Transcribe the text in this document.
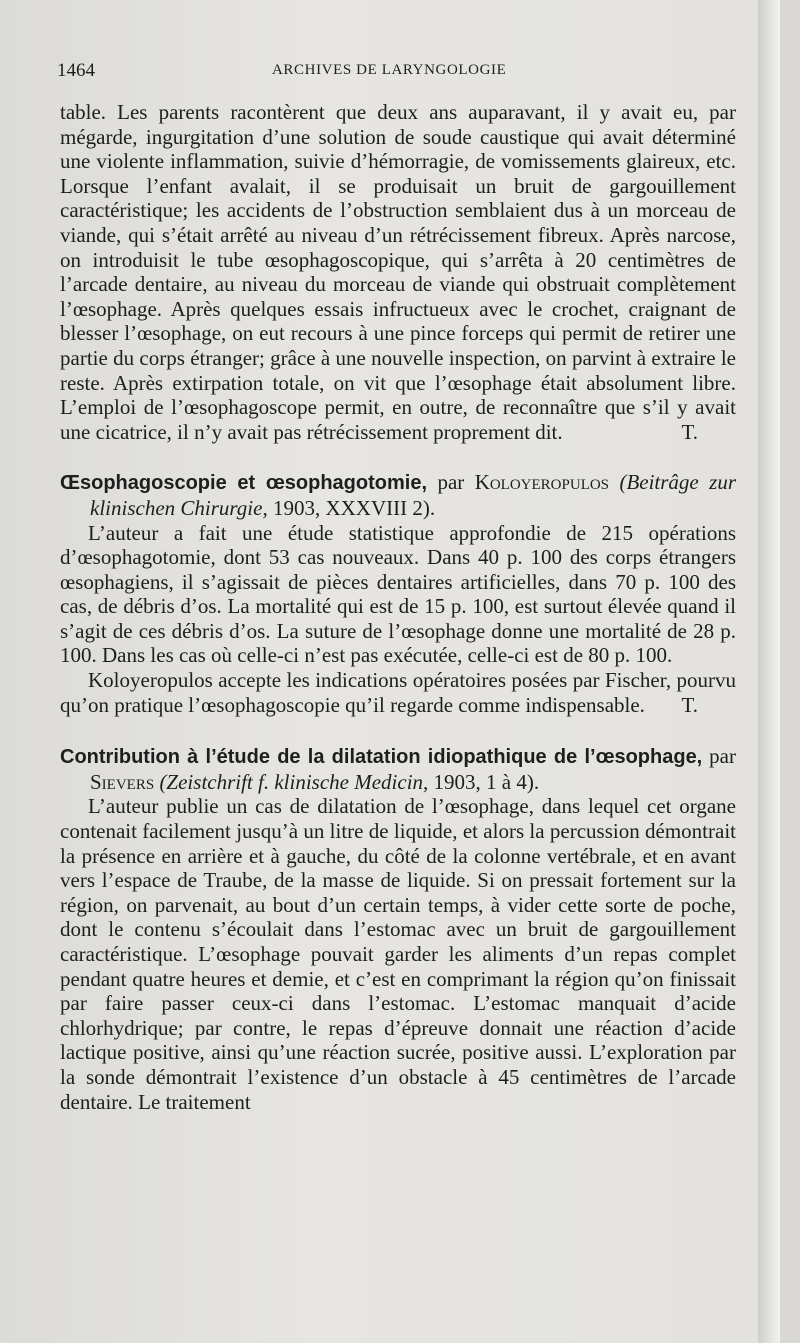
1464	ARCHIVES DE LARYNGOLOGIE

table. Les parents racontèrent que deux ans auparavant, il y avait eu, par mégarde, ingurgitation d’une solution de soude caustique qui avait déterminé une violente inflammation, suivie d’hémorragie, de vomissements glaireux, etc. Lorsque l’enfant avalait, il se produisait un bruit de gargouillement caractéristique; les accidents de l’obstruction semblaient dus à un morceau de viande, qui s’était arrêté au niveau d’un rétrécissement fibreux. Après narcose, on introduisit le tube œsophagoscopique, qui s’arrêta à 20 centimètres de l’arcade dentaire, au niveau du morceau de viande qui obstruait complètement l’œsophage. Après quelques essais infructueux avec le crochet, craignant de blesser l’œsophage, on eut recours à une pince forceps qui permit de retirer une partie du corps étranger; grâce à une nouvelle inspection, on parvint à extraire le reste. Après extirpation totale, on vit que l’œsophage était absolument libre. L’emploi de l’œsophagoscope permit, en outre, de reconnaître que s’il y avait une cicatrice, il n’y avait pas rétrécissement proprement dit.	T.

Œsophagoscopie et œsophagotomie, par Koloyeropulos (Beitrâge zur klinischen Chirurgie, 1903, XXXVIII 2).

L’auteur a fait une étude statistique approfondie de 215 opérations d’œsophagotomie, dont 53 cas nouveaux. Dans 40 p. 100 des corps étrangers œsophagiens, il s’agissait de pièces dentaires artificielles, dans 70 p. 100 des cas, de débris d’os. La mortalité qui est de 15 p. 100, est surtout élevée quand il s’agit de ces débris d’os. La suture de l’œsophage donne une mortalité de 28 p. 100. Dans les cas où celle-ci n’est pas exécutée, celle-ci est de 80 p. 100.

Koloyeropulos accepte les indications opératoires posées par Fischer, pourvu qu’on pratique l’œsophagoscopie qu’il regarde comme indispensable.	T.

Contribution à l’étude de la dilatation idiopathique de l’œsophage, par Sievers (Zeistchrift f. klinische Medicin, 1903, 1 à 4).

L’auteur publie un cas de dilatation de l’œsophage, dans lequel cet organe contenait facilement jusqu’à un litre de liquide, et alors la percussion démontrait la présence en arrière et à gauche, du côté de la colonne vertébrale, et en avant vers l’espace de Traube, de la masse de liquide. Si on pressait fortement sur la région, on parvenait, au bout d’un certain temps, à vider cette sorte de poche, dont le contenu s’écoulait dans l’estomac avec un bruit de gargouillement caractéristique. L’œsophage pouvait garder les aliments d’un repas complet pendant quatre heures et demie, et c’est en comprimant la région qu’on finissait par faire passer ceux-ci dans l’estomac. L’estomac manquait d’acide chlorhydrique; par contre, le repas d’épreuve donnait une réaction d’acide lactique positive, ainsi qu’une réaction sucrée, positive aussi. L’exploration par la sonde démontrait l’existence d’un obstacle à 45 centimètres de l’arcade dentaire. Le traitement
